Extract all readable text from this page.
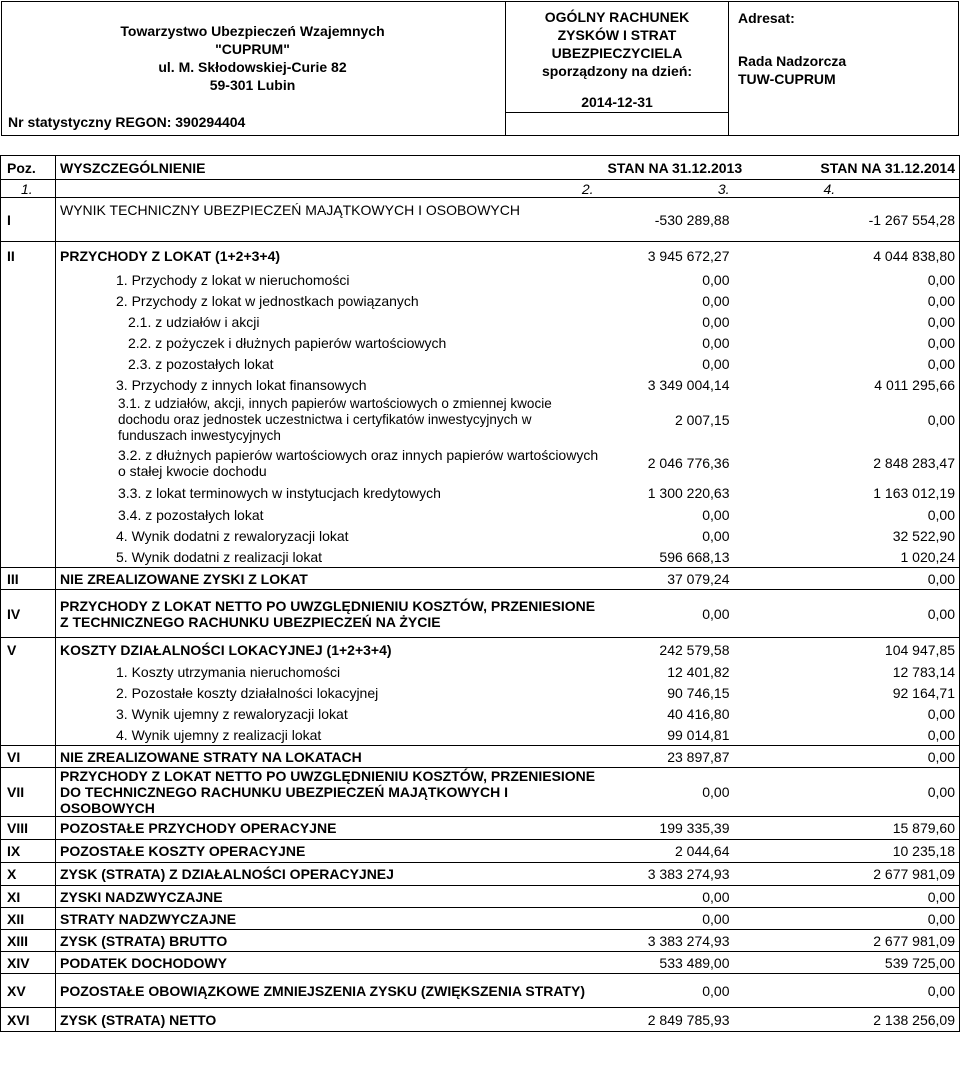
Towarzystwo Ubezpieczeń Wzajemnych
"CUPRUM"
ul. M. Skłodowskiej-Curie 82
59-301 Lubin
Nr statystyczny REGON: 390294404
OGÓLNY RACHUNEK
ZYSKÓW I STRAT
UBEZPIECZYCIELA
sporządzony na dzień:
2014-12-31
Adresat:
Rada Nadzorcza
TUW-CUPRUM
Poz.	WYSZCZEGÓLNIENIE	STAN NA 31.12.2013	STAN NA 31.12.2014
1.	2.	3.	4.
I	WYNIK TECHNICZNY UBEZPIECZEŃ MAJĄTKOWYCH I OSOBOWYCH	-530 289,88	-1 267 554,28
II	PRZYCHODY Z LOKAT (1+2+3+4)	3 945 672,27	4 044 838,80
	1. Przychody z lokat w nieruchomości	0,00	0,00
	2. Przychody z lokat w jednostkach powiązanych	0,00	0,00
	2.1. z udziałów i akcji	0,00	0,00
	2.2. z pożyczek i dłużnych papierów wartościowych	0,00	0,00
	2.3. z pozostałych lokat	0,00	0,00
	3. Przychody z innych lokat finansowych	3 349 004,14	4 011 295,66
	3.1. z udziałów, akcji, innych papierów wartościowych o zmiennej kwocie dochodu oraz jednostek uczestnictwa i certyfikatów inwestycyjnych w funduszach inwestycyjnych	2 007,15	0,00
	3.2. z dłużnych papierów wartościowych oraz innych papierów wartościowych o stałej kwocie dochodu	2 046 776,36	2 848 283,47
	3.3. z lokat terminowych w instytucjach kredytowych	1 300 220,63	1 163 012,19
	3.4. z pozostałych lokat	0,00	0,00
	4. Wynik dodatni z rewaloryzacji lokat	0,00	32 522,90
	5. Wynik dodatni z realizacji lokat	596 668,13	1 020,24
III	NIE ZREALIZOWANE ZYSKI Z LOKAT	37 079,24	0,00
IV	PRZYCHODY Z LOKAT NETTO PO UWZGLĘDNIENIU KOSZTÓW, PRZENIESIONE Z TECHNICZNEGO RACHUNKU UBEZPIECZEŃ NA ŻYCIE	0,00	0,00
V	KOSZTY DZIAŁALNOŚCI LOKACYJNEJ (1+2+3+4)	242 579,58	104 947,85
	1. Koszty utrzymania nieruchomości	12 401,82	12 783,14
	2. Pozostałe koszty działalności lokacyjnej	90 746,15	92 164,71
	3. Wynik ujemny z rewaloryzacji lokat	40 416,80	0,00
	4. Wynik ujemny z realizacji lokat	99 014,81	0,00
VI	NIE ZREALIZOWANE STRATY NA LOKATACH	23 897,87	0,00
VII	PRZYCHODY Z LOKAT NETTO PO UWZGLĘDNIENIU KOSZTÓW, PRZENIESIONE DO TECHNICZNEGO RACHUNKU UBEZPIECZEŃ MAJĄTKOWYCH I OSOBOWYCH	0,00	0,00
VIII	POZOSTAŁE PRZYCHODY OPERACYJNE	199 335,39	15 879,60
IX	POZOSTAŁE KOSZTY OPERACYJNE	2 044,64	10 235,18
X	ZYSK (STRATA) Z DZIAŁALNOŚCI OPERACYJNEJ	3 383 274,93	2 677 981,09
XI	ZYSKI NADZWYCZAJNE	0,00	0,00
XII	STRATY NADZWYCZAJNE	0,00	0,00
XIII	ZYSK (STRATA) BRUTTO	3 383 274,93	2 677 981,09
XIV	PODATEK DOCHODOWY	533 489,00	539 725,00
XV	POZOSTAŁE OBOWIĄZKOWE ZMNIEJSZENIA ZYSKU (ZWIĘKSZENIA STRATY)	0,00	0,00
XVI	ZYSK (STRATA) NETTO	2 849 785,93	2 138 256,09
